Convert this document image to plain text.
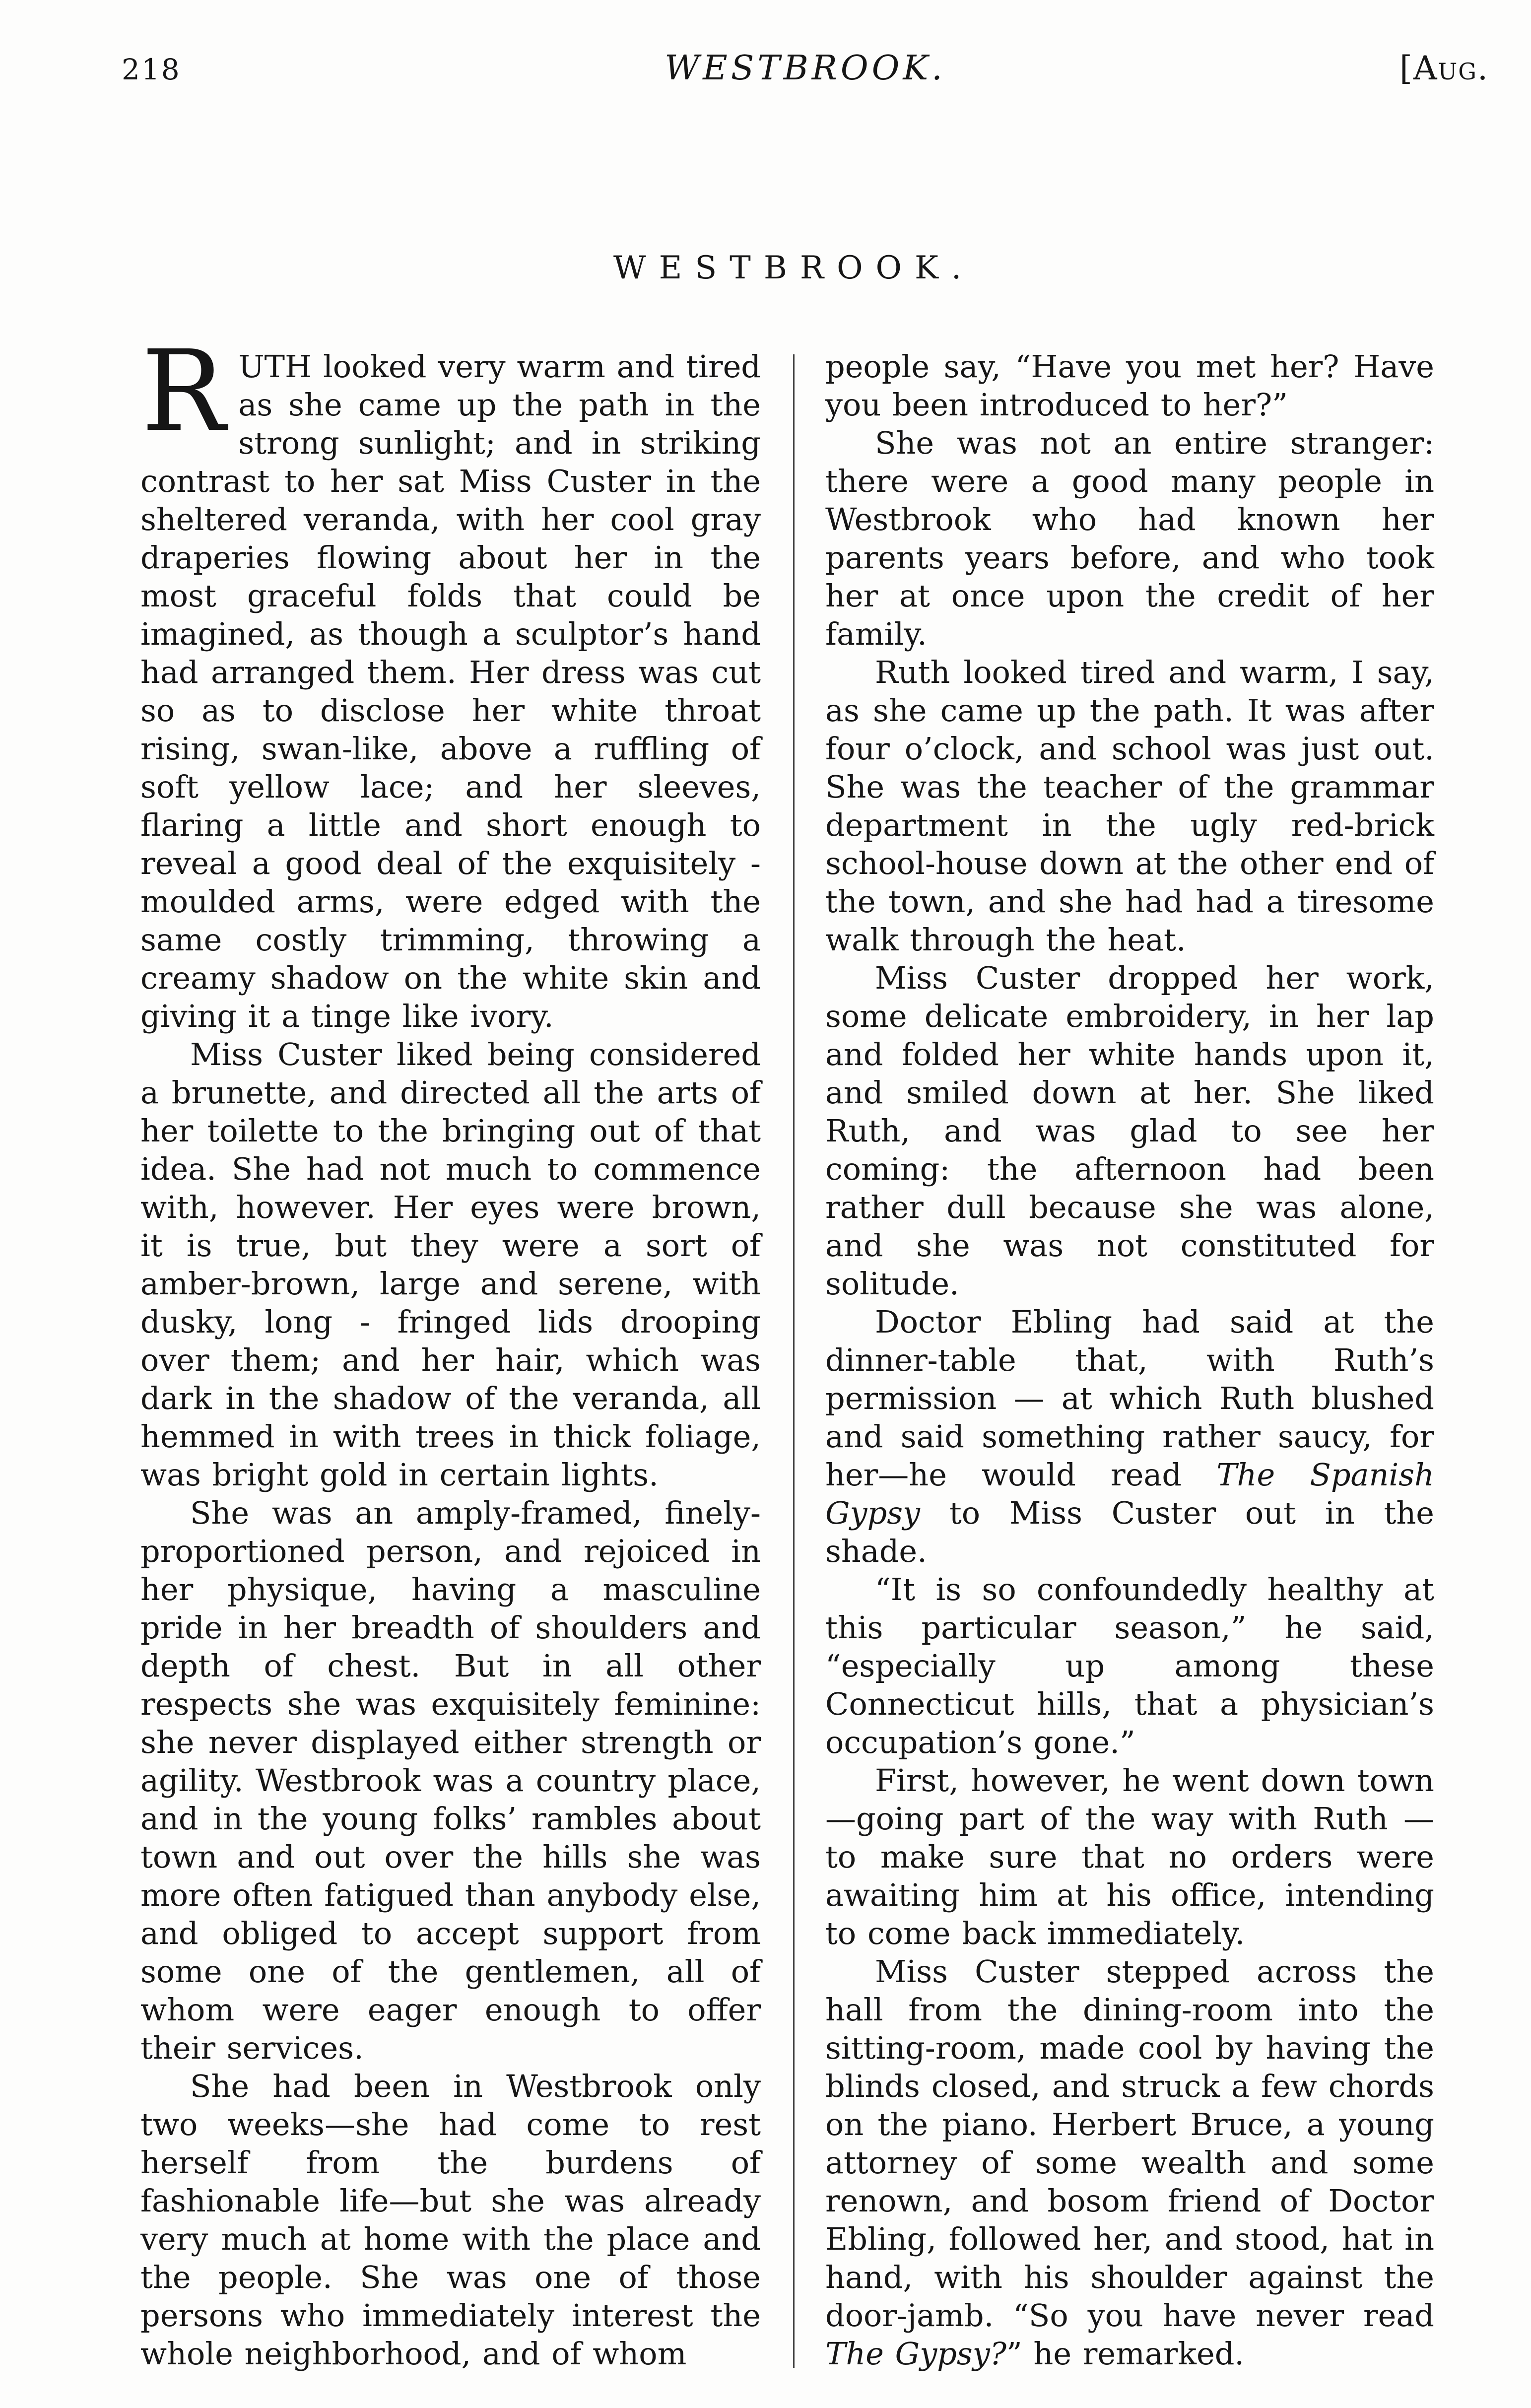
218	WESTBROOK.	[Aug.
WESTBROOK.

RUTH looked very warm and tired as she came up the path in the strong sunlight; and in striking contrast to her sat Miss Custer in the sheltered veranda, with her cool gray draperies flowing about her in the most graceful folds that could be imagined, as though a sculptor’s hand had arranged them. Her dress was cut so as to disclose her white throat rising, swan-like, above a ruffling of soft yellow lace; and her sleeves, flaring a little and short enough to reveal a good deal of the exquisitely - moulded arms, were edged with the same costly trimming, throwing a creamy shadow on the white skin and giving it a tinge like ivory.

Miss Custer liked being considered a brunette, and directed all the arts of her toilette to the bringing out of that idea. She had not much to commence with, however. Her eyes were brown, it is true, but they were a sort of amber-brown, large and serene, with dusky, long - fringed lids drooping over them; and her hair, which was dark in the shadow of the veranda, all hemmed in with trees in thick foliage, was bright gold in certain lights.

She was an amply-framed, finely-proportioned person, and rejoiced in her physique, having a masculine pride in her breadth of shoulders and depth of chest. But in all other respects she was exquisitely feminine: she never displayed either strength or agility. Westbrook was a country place, and in the young folks’ rambles about town and out over the hills she was more often fatigued than anybody else, and obliged to accept support from some one of the gentlemen, all of whom were eager enough to offer their services.

She had been in Westbrook only two weeks—she had come to rest herself from the burdens of fashionable life—but she was already very much at home with the place and the people. She was one of those persons who immediately interest the whole neighborhood, and of whom

people say, “Have you met her? Have you been introduced to her?”

She was not an entire stranger: there were a good many people in Westbrook who had known her parents years before, and who took her at once upon the credit of her family.

Ruth looked tired and warm, I say, as she came up the path. It was after four o’clock, and school was just out. She was the teacher of the grammar department in the ugly red-brick school-house down at the other end of the town, and she had had a tiresome walk through the heat.

Miss Custer dropped her work, some delicate embroidery, in her lap and folded her white hands upon it, and smiled down at her. She liked Ruth, and was glad to see her coming: the afternoon had been rather dull because she was alone, and she was not constituted for solitude.

Doctor Ebling had said at the dinner-table that, with Ruth’s permission — at which Ruth blushed and said something rather saucy, for her—he would read The Spanish Gypsy to Miss Custer out in the shade.

“It is so confoundedly healthy at this particular season,” he said, “especially up among these Connecticut hills, that a physician’s occupation’s gone.”

First, however, he went down town—going part of the way with Ruth — to make sure that no orders were awaiting him at his office, intending to come back immediately.

Miss Custer stepped across the hall from the dining-room into the sitting-room, made cool by having the blinds closed, and struck a few chords on the piano. Herbert Bruce, a young attorney of some wealth and some renown, and bosom friend of Doctor Ebling, followed her, and stood, hat in hand, with his shoulder against the door-jamb. “So you have never read The Gypsy?” he remarked.
